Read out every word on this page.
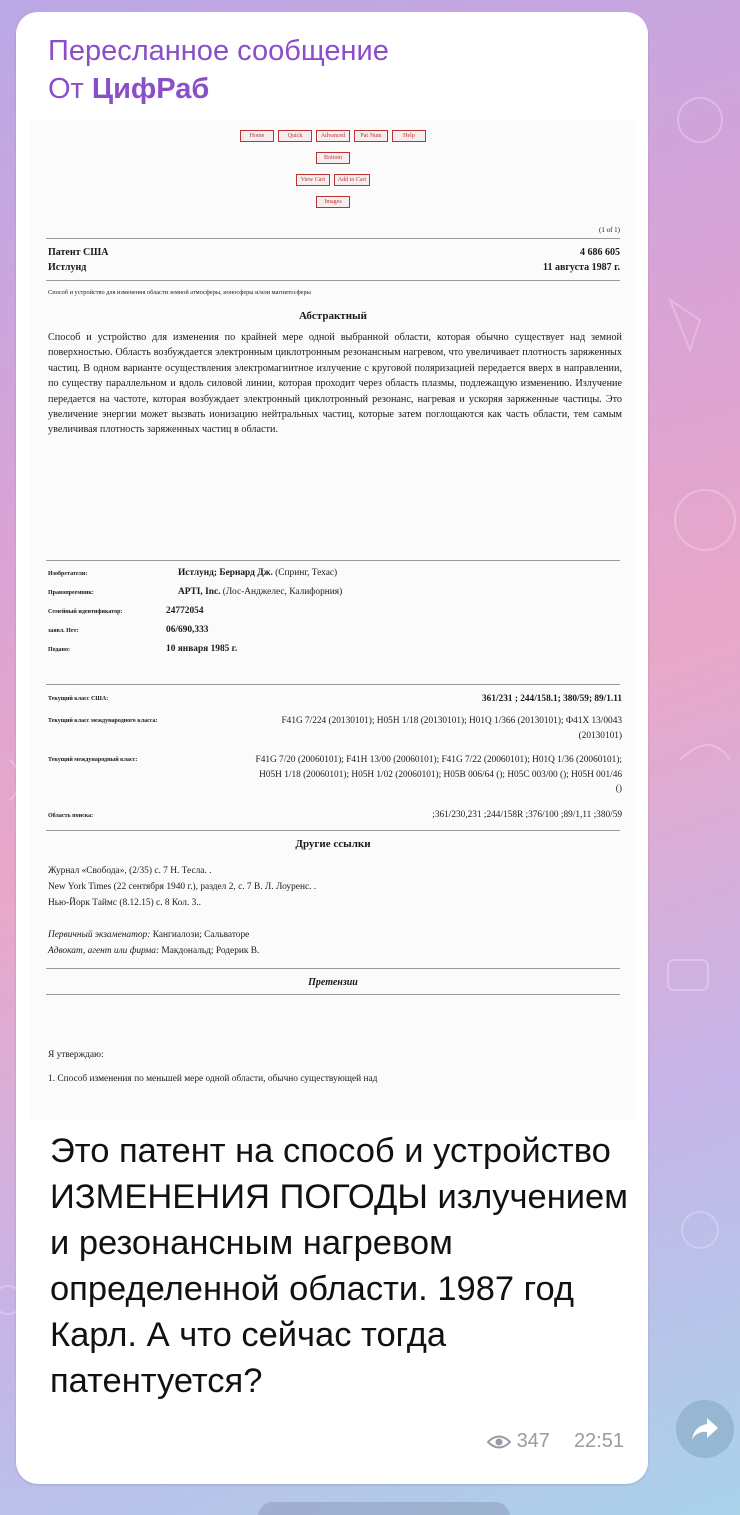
Пересланное сообщение
От ЦифРаб
Home	Quick	Advanced	Pat Num	Help
Bottom
View Cart	Add to Cart
Images
(1 of 1)
Патент США	4 686 605
Истлунд	11 августа 1987 г.
Способ и устройство для изменения области земной атмосферы, ионосферы и/или магнитосферы
Абстрактный
Способ и устройство для изменения по крайней мере одной выбранной области, которая обычно существует над земной поверхностью. Область возбуждается электронным циклотронным резонансным нагревом, что увеличивает плотность заряженных частиц. В одном варианте осуществления электромагнитное излучение с круговой поляризацией передается вверх в направлении, по существу параллельном и вдоль силовой линии, которая проходит через область плазмы, подлежащую изменению. Излучение передается на частоте, которая возбуждает электронный циклотронный резонанс, нагревая и ускоряя заряженные частицы. Это увеличение энергии может вызвать ионизацию нейтральных частиц, которые затем поглощаются как часть области, тем самым увеличивая плотность заряженных частиц в области.
Изобретатели:	Истлунд; Бернард Дж. (Спринг, Техас)
Правопреемник:	APTI, Inc. (Лос-Анджелес, Калифорния)
Семейный идентификатор:	24772054
заявл. Нет:	06/690,333
Подано:	10 января 1985 г.
Текущий класс США:	361/231 ; 244/158.1; 380/59; 89/1.11
Текущий класс международного класса:	F41G 7/224 (20130101); H05H 1/18 (20130101); H01Q 1/366 (20130101); Ф41Х 13/0043 (20130101)
Текущий международный класс:	F41G 7/20 (20060101); F41H 13/00 (20060101); F41G 7/22 (20060101); H01Q 1/36 (20060101); H05H 1/18 (20060101); H05H 1/02 (20060101); H05B 006/64 (); H05C 003/00 (); H05H 001/46 ()
Область поиска:	;361/230,231 ;244/158R ;376/100 ;89/1,11 ;380/59
Другие ссылки
Журнал «Свобода», (2/35) с. 7 Н. Тесла. .
New York Times (22 сентября 1940 г.), раздел 2, с. 7 В. Л. Лоуренс. .
Нью-Йорк Таймс (8.12.15) с. 8 Кол. 3..
Первичный экзаменатор: Кангиалози; Сальваторе
Адвокат, агент или фирма: Макдональд; Родерик В.
Претензии
Я утверждаю:
1. Способ изменения по меньшей мере одной области, обычно существующей над
Это патент на способ и устройство ИЗМЕНЕНИЯ ПОГОДЫ излучением и резонансным нагревом определенной области. 1987 год Карл. А что сейчас тогда патентуется?
347 22:51
